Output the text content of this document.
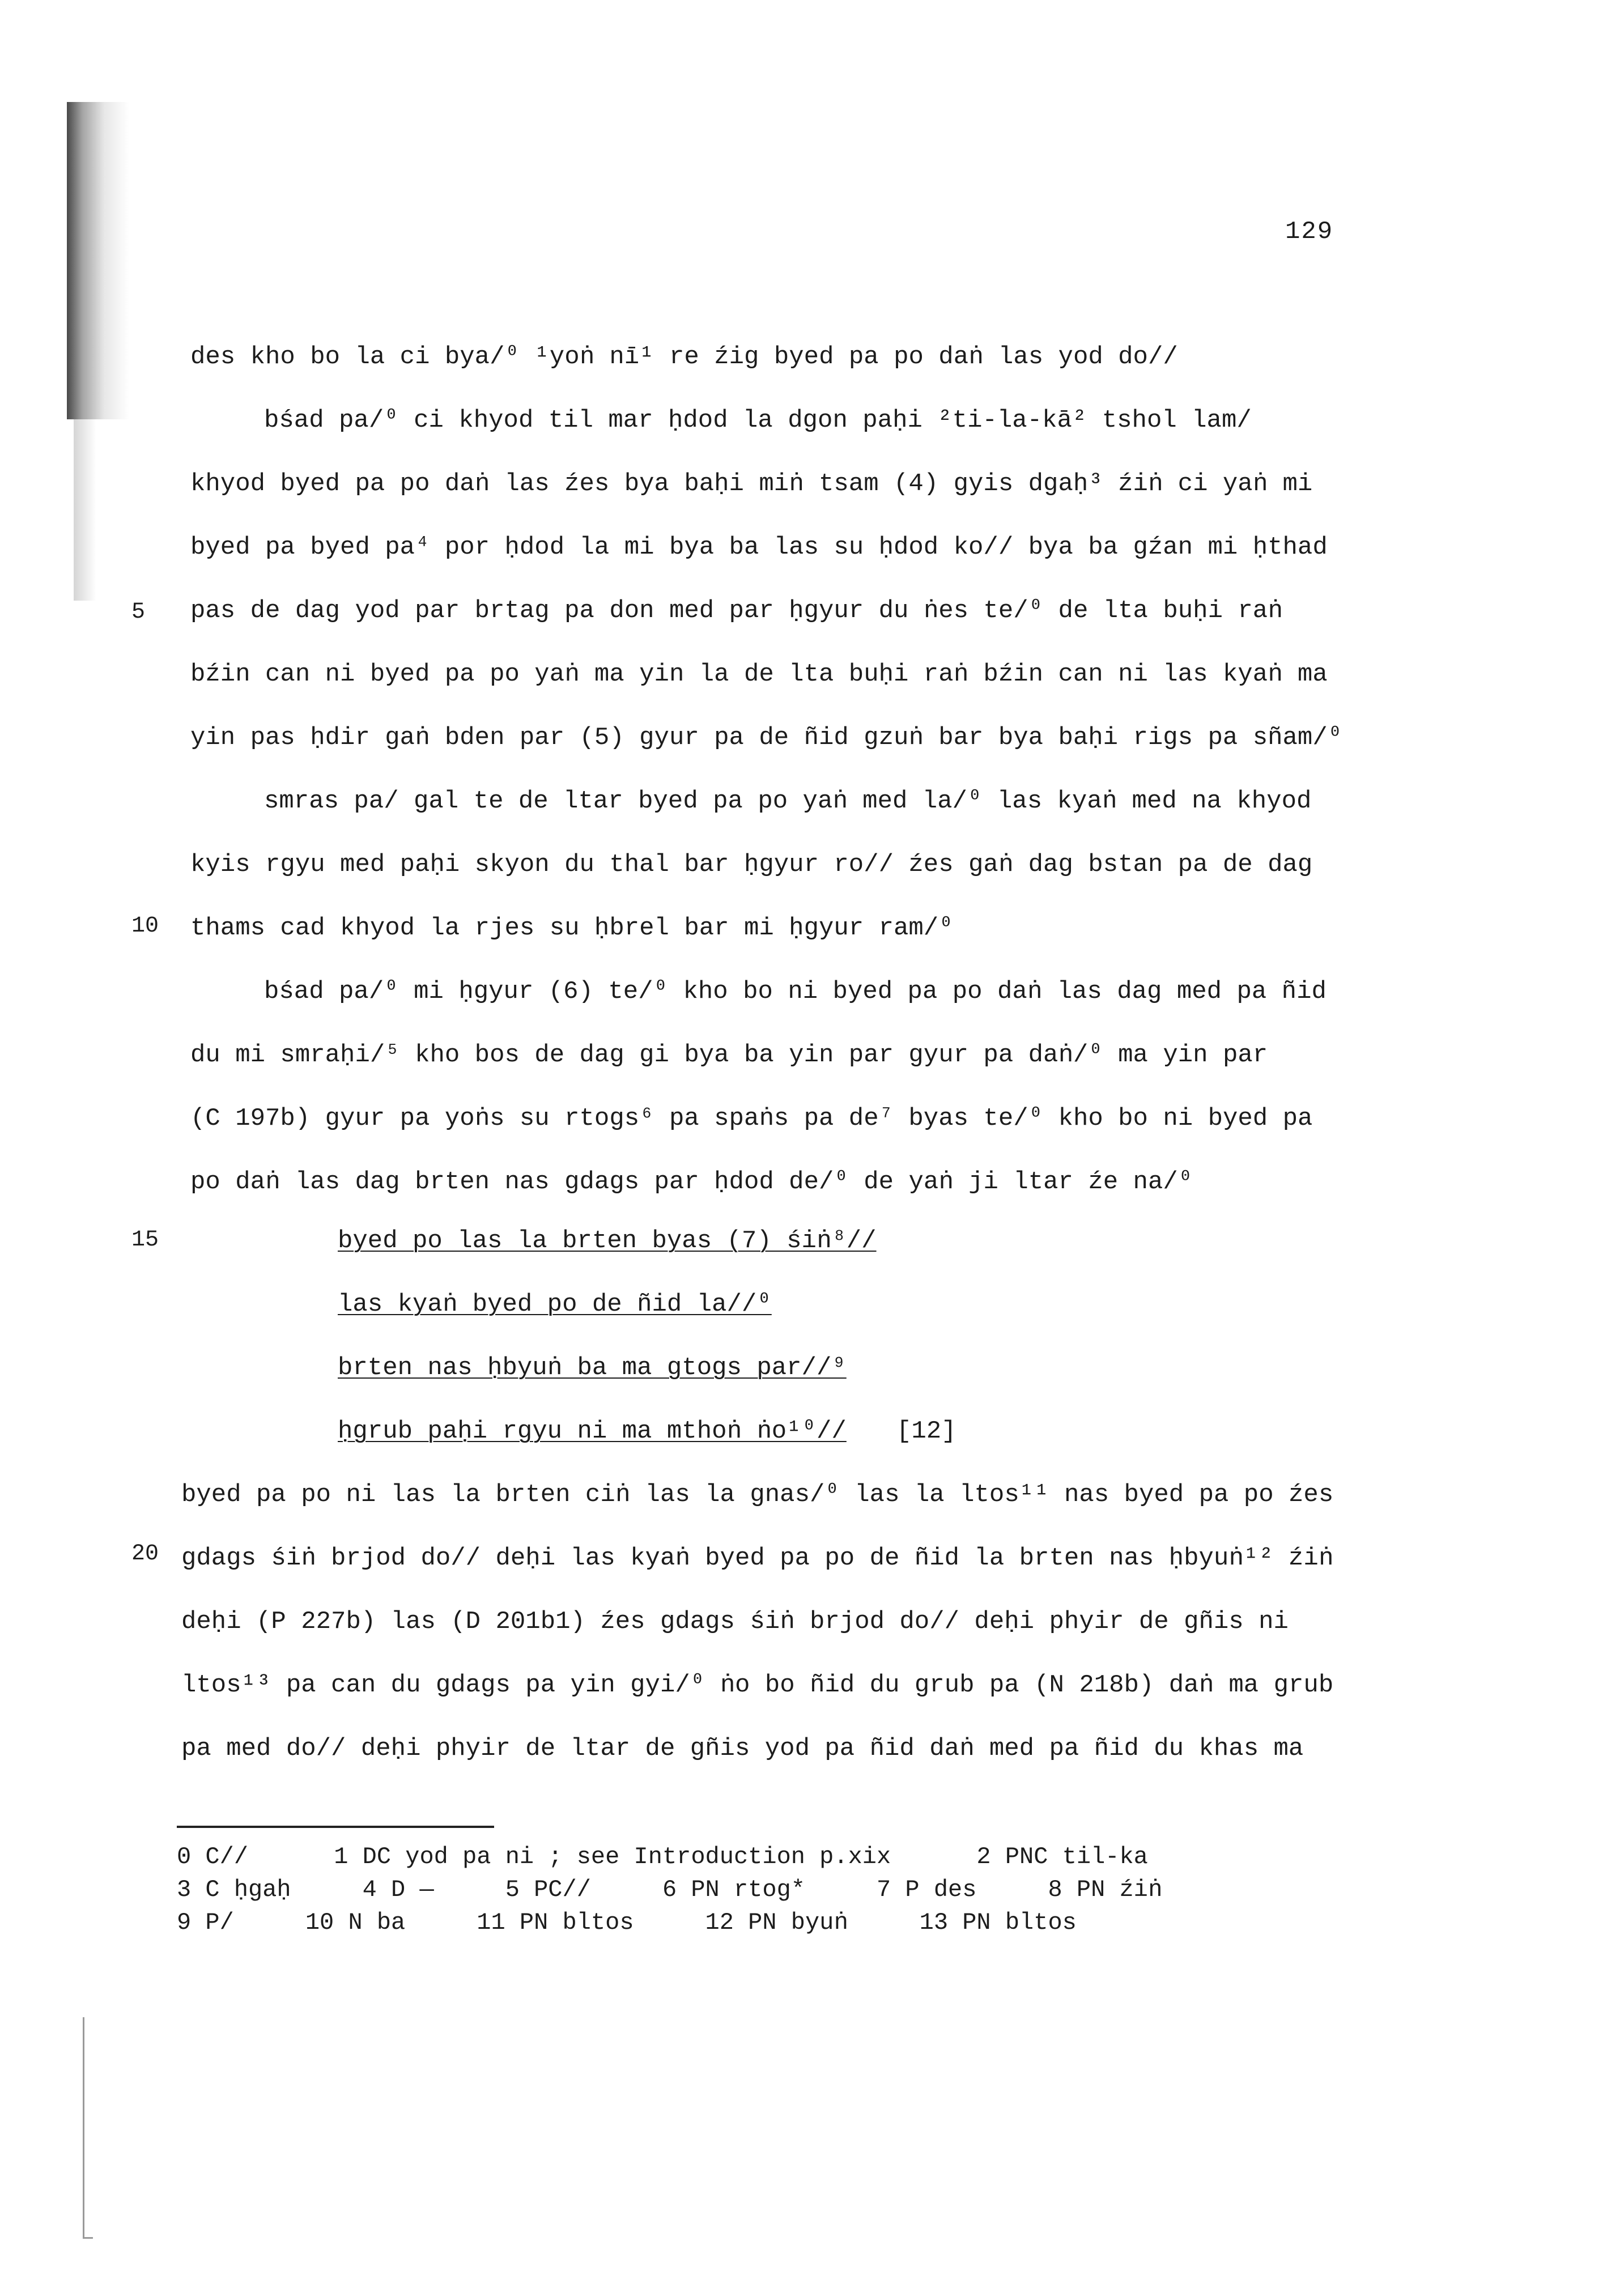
129
5
10
15
20
des kho bo la ci bya/⁰ ¹yoṅ nī¹ re źig byed pa po daṅ las yod do//
bśad pa/⁰ ci khyod til mar ḥdod la dgon paḥi ²ti-la-kā² tshol lam/
khyod byed pa po daṅ las źes bya baḥi miṅ tsam (4) gyis dgaḥ³ źiṅ ci yaṅ mi
byed pa byed pa⁴ por ḥdod la mi bya ba las su ḥdod ko// bya ba gźan mi ḥthad
pas de dag yod par brtag pa don med par ḥgyur du ṅes te/⁰ de lta buḥi raṅ
bźin can ni byed pa po yaṅ ma yin la de lta buḥi raṅ bźin can ni las kyaṅ ma
yin pas ḥdir gaṅ bden par (5) gyur pa de ñid gzuṅ bar bya baḥi rigs pa sñam/⁰
smras pa/ gal te de ltar byed pa po yaṅ med la/⁰ las kyaṅ med na khyod
kyis rgyu med paḥi skyon du thal bar ḥgyur ro// źes gaṅ dag bstan pa de dag
thams cad khyod la rjes su ḥbrel bar mi ḥgyur ram/⁰
bśad pa/⁰ mi ḥgyur (6) te/⁰ kho bo ni byed pa po daṅ las dag med pa ñid
du mi smraḥi/⁵ kho bos de dag gi bya ba yin par gyur pa daṅ/⁰ ma yin par
(C 197b) gyur pa yoṅs su rtogs⁶ pa spaṅs pa de⁷ byas te/⁰ kho bo ni byed pa
po daṅ las dag brten nas gdags par ḥdod de/⁰ de yaṅ ji ltar źe na/⁰
byed po las la brten byas (7) śiṅ⁸//
las kyaṅ byed po de ñid la//⁰
brten nas ḥbyuṅ ba ma gtogs par//⁹
ḥgrub paḥi rgyu ni ma mthoṅ ṅo¹⁰// [12]
byed pa po ni las la brten ciṅ las la gnas/⁰ las la ltos¹¹ nas byed pa po źes
gdags śiṅ brjod do// deḥi las kyaṅ byed pa po de ñid la brten nas ḥbyuṅ¹² źiṅ
deḥi (P 227b) las (D 201b1) źes gdags śiṅ brjod do// deḥi phyir de gñis ni
ltos¹³ pa can du gdags pa yin gyi/⁰ ṅo bo ñid du grub pa (N 218b) daṅ ma grub
pa med do// deḥi phyir de ltar de gñis yod pa ñid daṅ med pa ñid du khas ma
0 C//      1 DC yod pa ni ; see Introduction p.xix      2 PNC til-ka
3 C ḥgaḥ     4 D —     5 PC//     6 PN rtog*     7 P des     8 PN źiṅ
9 P/     10 N ba     11 PN bltos     12 PN byuṅ     13 PN bltos
